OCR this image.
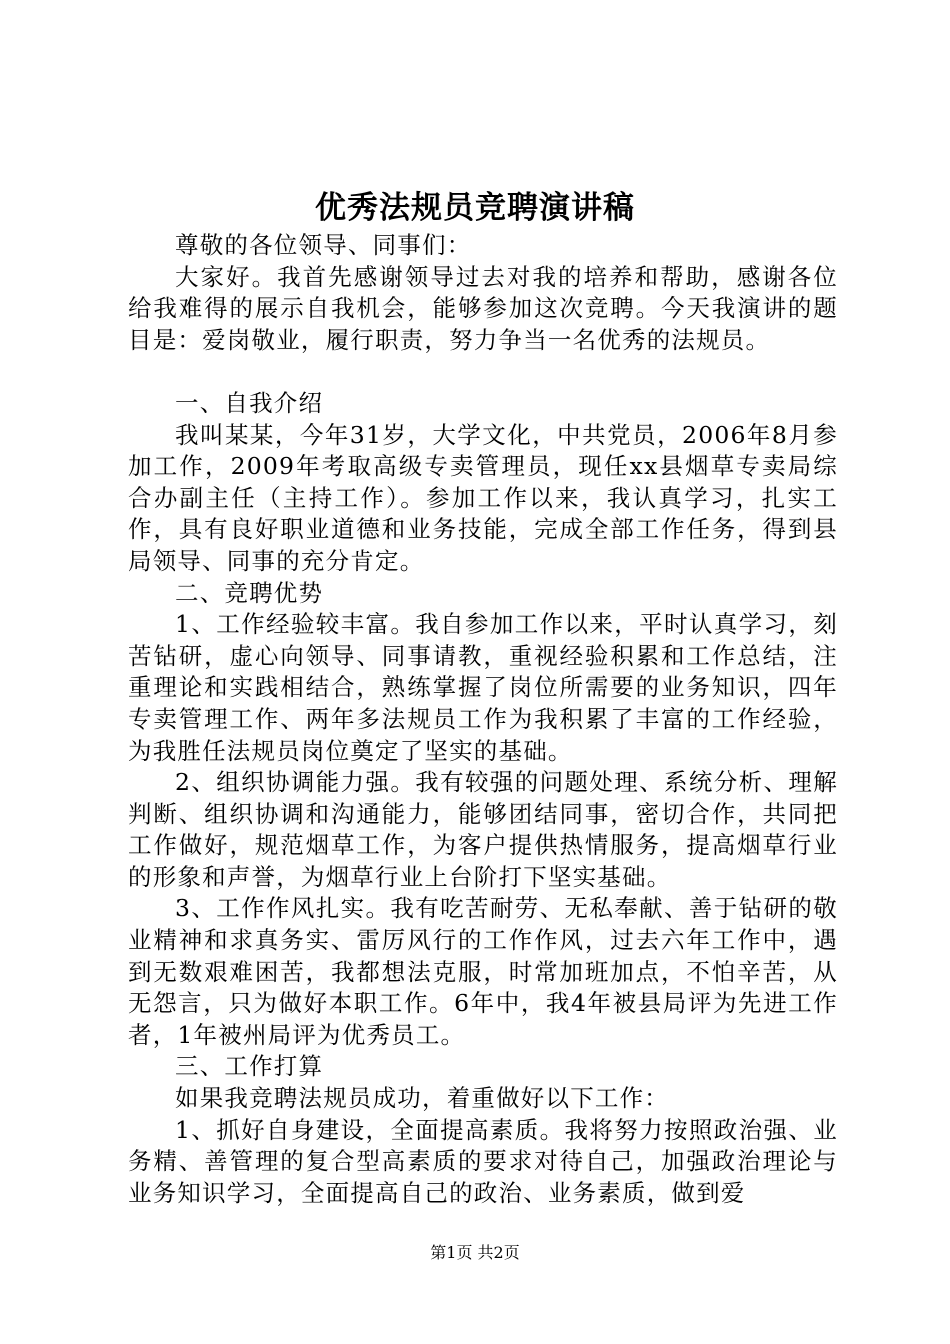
优秀法规员竞聘演讲稿

尊敬的各位领导、同事们：

大家好。我首先感谢领导过去对我的培养和帮助，感谢各位给我难得的展示自我机会，能够参加这次竞聘。今天我演讲的题目是：爱岗敬业，履行职责，努力争当一名优秀的法规员。

一、自我介绍

我叫某某，今年31岁，大学文化，中共党员，2006年8月参加工作，2009年考取高级专卖管理员，现任xx县烟草专卖局综合办副主任（主持工作）。参加工作以来，我认真学习，扎实工作，具有良好职业道德和业务技能，完成全部工作任务，得到县局领导、同事的充分肯定。

二、竞聘优势

1、工作经验较丰富。我自参加工作以来，平时认真学习，刻苦钻研，虚心向领导、同事请教，重视经验积累和工作总结，注重理论和实践相结合，熟练掌握了岗位所需要的业务知识，四年专卖管理工作、两年多法规员工作为我积累了丰富的工作经验，为我胜任法规员岗位奠定了坚实的基础。

2、组织协调能力强。我有较强的问题处理、系统分析、理解判断、组织协调和沟通能力，能够团结同事，密切合作，共同把工作做好，规范烟草工作，为客户提供热情服务，提高烟草行业的形象和声誉，为烟草行业上台阶打下坚实基础。

3、工作作风扎实。我有吃苦耐劳、无私奉献、善于钻研的敬业精神和求真务实、雷厉风行的工作作风，过去六年工作中，遇到无数艰难困苦，我都想法克服，时常加班加点，不怕辛苦，从无怨言，只为做好本职工作。6年中，我4年被县局评为先进工作者，1年被州局评为优秀员工。

三、工作打算

如果我竞聘法规员成功，着重做好以下工作：

1、抓好自身建设，全面提高素质。我将努力按照政治强、业务精、善管理的复合型高素质的要求对待自己，加强政治理论与业务知识学习，全面提高自己的政治、业务素质，做到爱

第1页 共2页
